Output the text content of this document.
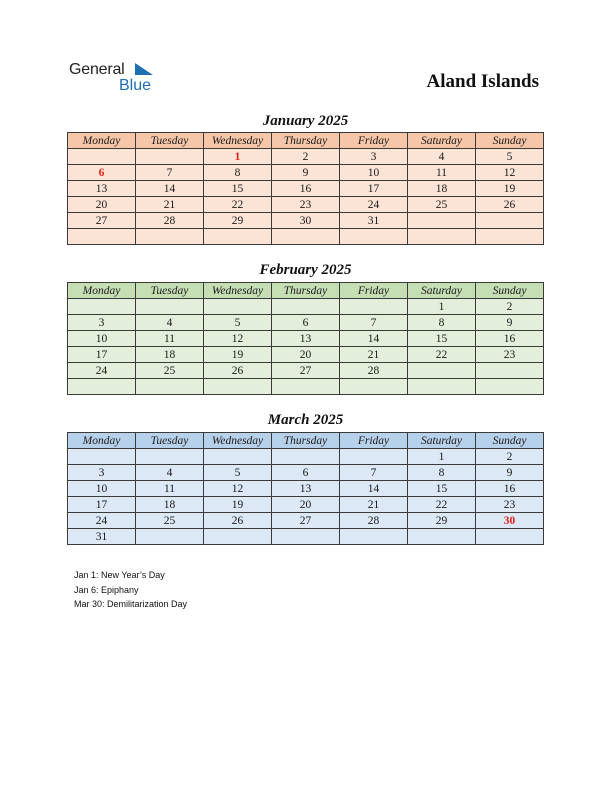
General
Blue	Aland Islands
January 2025
Monday	Tuesday	Wednesday	Thursday	Friday	Saturday	Sunday
		1	2	3	4	5
6	7	8	9	10	11	12
13	14	15	16	17	18	19
20	21	22	23	24	25	26
27	28	29	30	31		

February 2025
Monday	Tuesday	Wednesday	Thursday	Friday	Saturday	Sunday
					1	2
3	4	5	6	7	8	9
10	11	12	13	14	15	16
17	18	19	20	21	22	23
24	25	26	27	28		

March 2025
Monday	Tuesday	Wednesday	Thursday	Friday	Saturday	Sunday
					1	2
3	4	5	6	7	8	9
10	11	12	13	14	15	16
17	18	19	20	21	22	23
24	25	26	27	28	29	30
31						
Jan 1: New Year’s Day
Jan 6: Epiphany
Mar 30: Demilitarization Day
